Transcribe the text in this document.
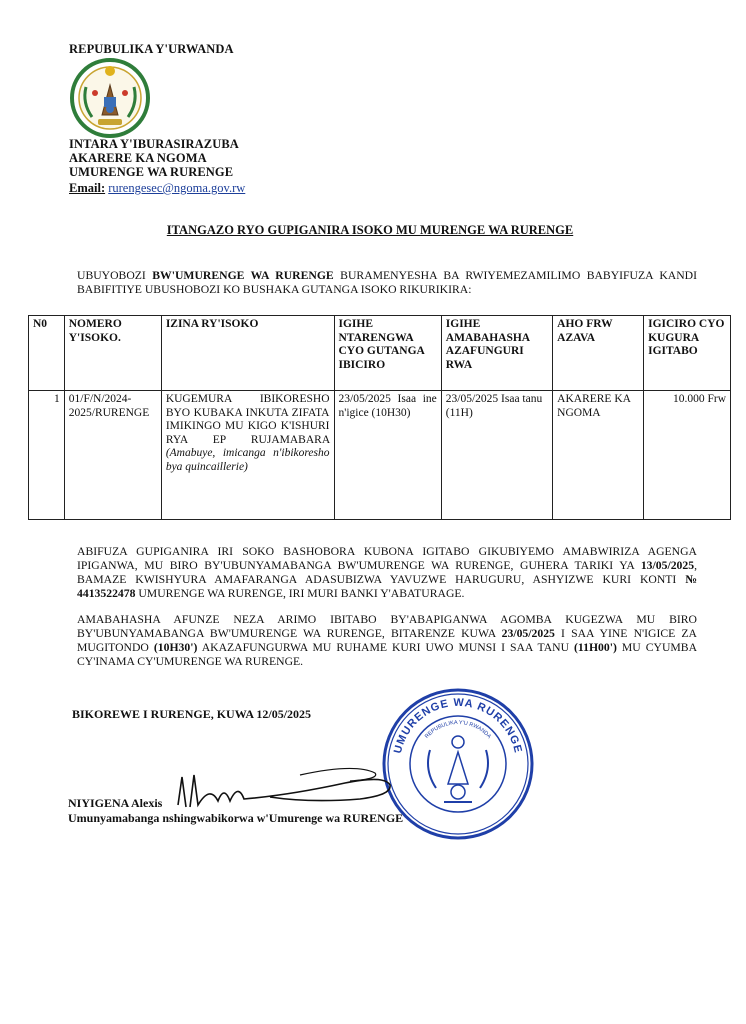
REPUBULIKA Y'URWANDA
INTARA Y'IBURASIRAZUBA
AKARERE KA NGOMA
UMURENGE WA RURENGE
Email: rurengesec@ngoma.gov.rw
ITANGAZO RYO GUPIGANIRA ISOKO MU MURENGE WA RURENGE
UBUYOBOZI BW'UMURENGE WA RURENGE BURAMENYESHA BA RWIYEMEZAMILIMO BABYIFUZA KANDI BABIFITIYE UBUSHOBOZI KO BUSHAKA GUTANGA ISOKO RIKURIKIRA:
N0	NOMERO Y'ISOKO.	IZINA RY'ISOKO	IGIHE NTARENGWA CYO GUTANGA IBICIRO	IGIHE AMABAHASHA AZAFUNGURI RWA	AHO FRW AZAVA	IGICIRO CYO KUGURA IGITABO
1	01/F/N/2024-2025/RURENGE	KUGEMURA IBIKORESHO BYO KUBAKA INKUTA ZIFATA IMIKINGO MU KIGO K'ISHURI RYA EP RUJAMABARA (Amabuye, imicanga n'ibikoresho bya quincaillerie)	23/05/2025 Isaa ine n'igice (10H30)	23/05/2025 Isaa tanu (11H)	AKARERE KA NGOMA	10.000 Frw
ABIFUZA GUPIGANIRA IRI SOKO BASHOBORA KUBONA IGITABO GIKUBIYEMO AMABWIRIZA AGENGA IPIGANWA, MU BIRO BY'UBUNYAMABANGA BW'UMURENGE WA RURENGE, GUHERA TARIKI YA 13/05/2025, BAMAZE KWISHYURA AMAFARANGA ADASUBIZWA YAVUZWE HARUGURU, ASHYIZWE KURI KONTI № 4413522478 UMURENGE WA RURENGE, IRI MURI BANKI Y'ABATURAGE.
AMABAHASHA AFUNZE NEZA ARIMO IBITABO BY'ABAPIGANWA AGOMBA KUGEZWA MU BIRO BY'UBUNYAMABANGA BW'UMURENGE WA RURENGE, BITARENZE KUWA 23/05/2025 I SAA YINE N'IGICE ZA MUGITONDO (10H30') AKAZAFUNGURWA MU RUHAME KURI UWO MUNSI I SAA TANU (11H00') MU CYUMBA CY'INAMA CY'UMURENGE WA RURENGE.
BIKOREWE I RURENGE, KUWA 12/05/2025
UMURENGE WA RURENGE
REPUBULIKA Y'U RWANDA
NIYIGENA Alexis
Umunyamabanga nshingwabikorwa w'Umurenge wa RURENGE
